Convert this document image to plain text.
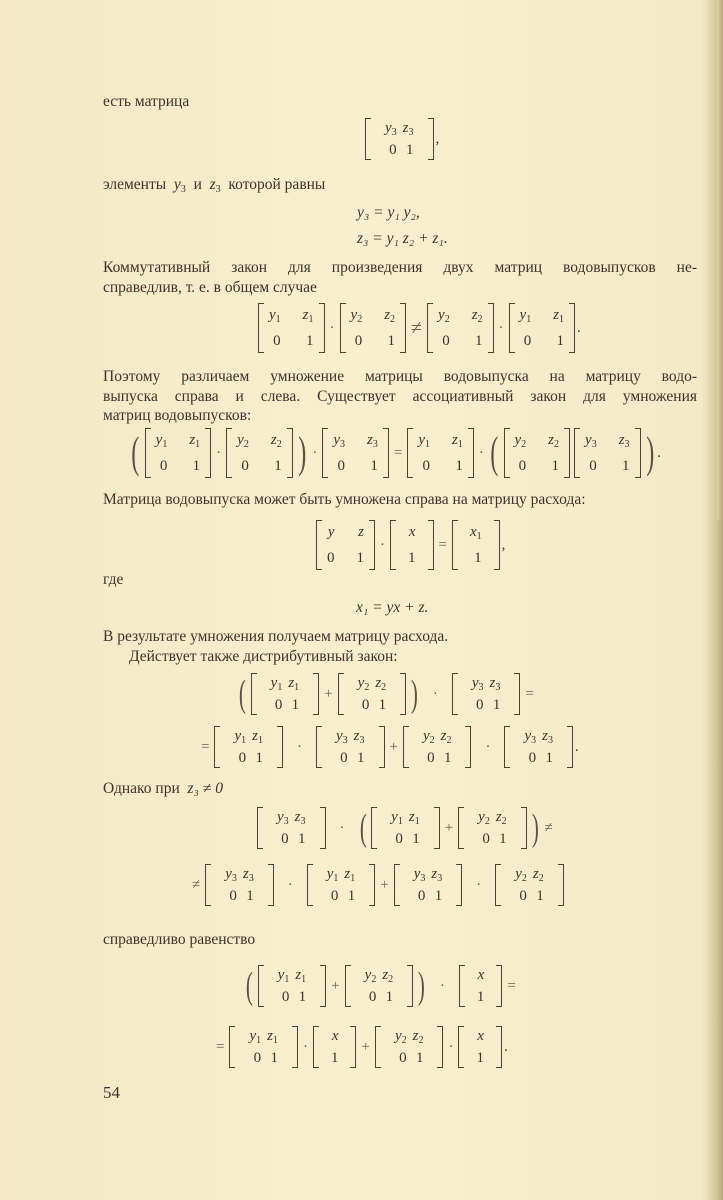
есть матрица
$y_3$ $z_3$
0 1
,
элементы $y_3$ и $z_3$ которой равны
y₃ = y₁ y₂,
z₃ = y₁ z₂ + z₁.
Коммутативный закон для произведения двух матриц водовыпусков не-
справедлив, т. е. в общем случае
$y_1$ $z_1$
0 1
·
$y_2$ $z_2$
0 1
≠
$y_2$ $z_2$
0 1
·
$y_1$ $z_1$
0 1
.
Поэтому различаем умножение матрицы водовыпуска на матрицу водо-
выпуска справа и слева. Существует ассоциативный закон для умножения
матриц водовыпусков:
( $y_1$ $z_1$
0 1
·
$y_2$ $z_2$
0 1 ) ·
$y_3$ $z_3$
0 1
=
$y_1$ $z_1$
0 1
· ( $y_2$ $z_2$
0 1
$y_3$ $z_3$
0 1 ) .
Матрица водовыпуска может быть умножена справа на матрицу расхода:
y z
0 1
·
x
1
=
$x_1$
1
,
где
x₁ = yx + z.
В результате умножения получаем матрицу расхода.
Действует также дистрибутивный закон:
( $y_1$ $z_1$
0 1
+
$y_2$ $z_2$
0 1 ) ·
$y_3$ $z_3$
0 1
=
=
$y_1$ $z_1$
0 1
·
$y_3$ $z_3$
0 1
+
$y_2$ $z_2$
0 1
·
$y_3$ $z_3$
0 1
.
Однако при z₃ ≠ 0
$y_3$ $z_3$
0 1
· ( $y_1$ $z_1$
0 1
+
$y_2$ $z_2$
0 1 ) ≠
≠
$y_3$ $z_3$
0 1
·
$y_1$ $z_1$
0 1
+
$y_3$ $z_3$
0 1
·
$y_2$ $z_2$
0 1
справедливо равенство
( $y_1$ $z_1$
0 1
+
$y_2$ $z_2$
0 1 ) ·
x
1
=
=
$y_1$ $z_1$
0 1
·
x
1
+
$y_2$ $z_2$
0 1
·
x
1
.
54
